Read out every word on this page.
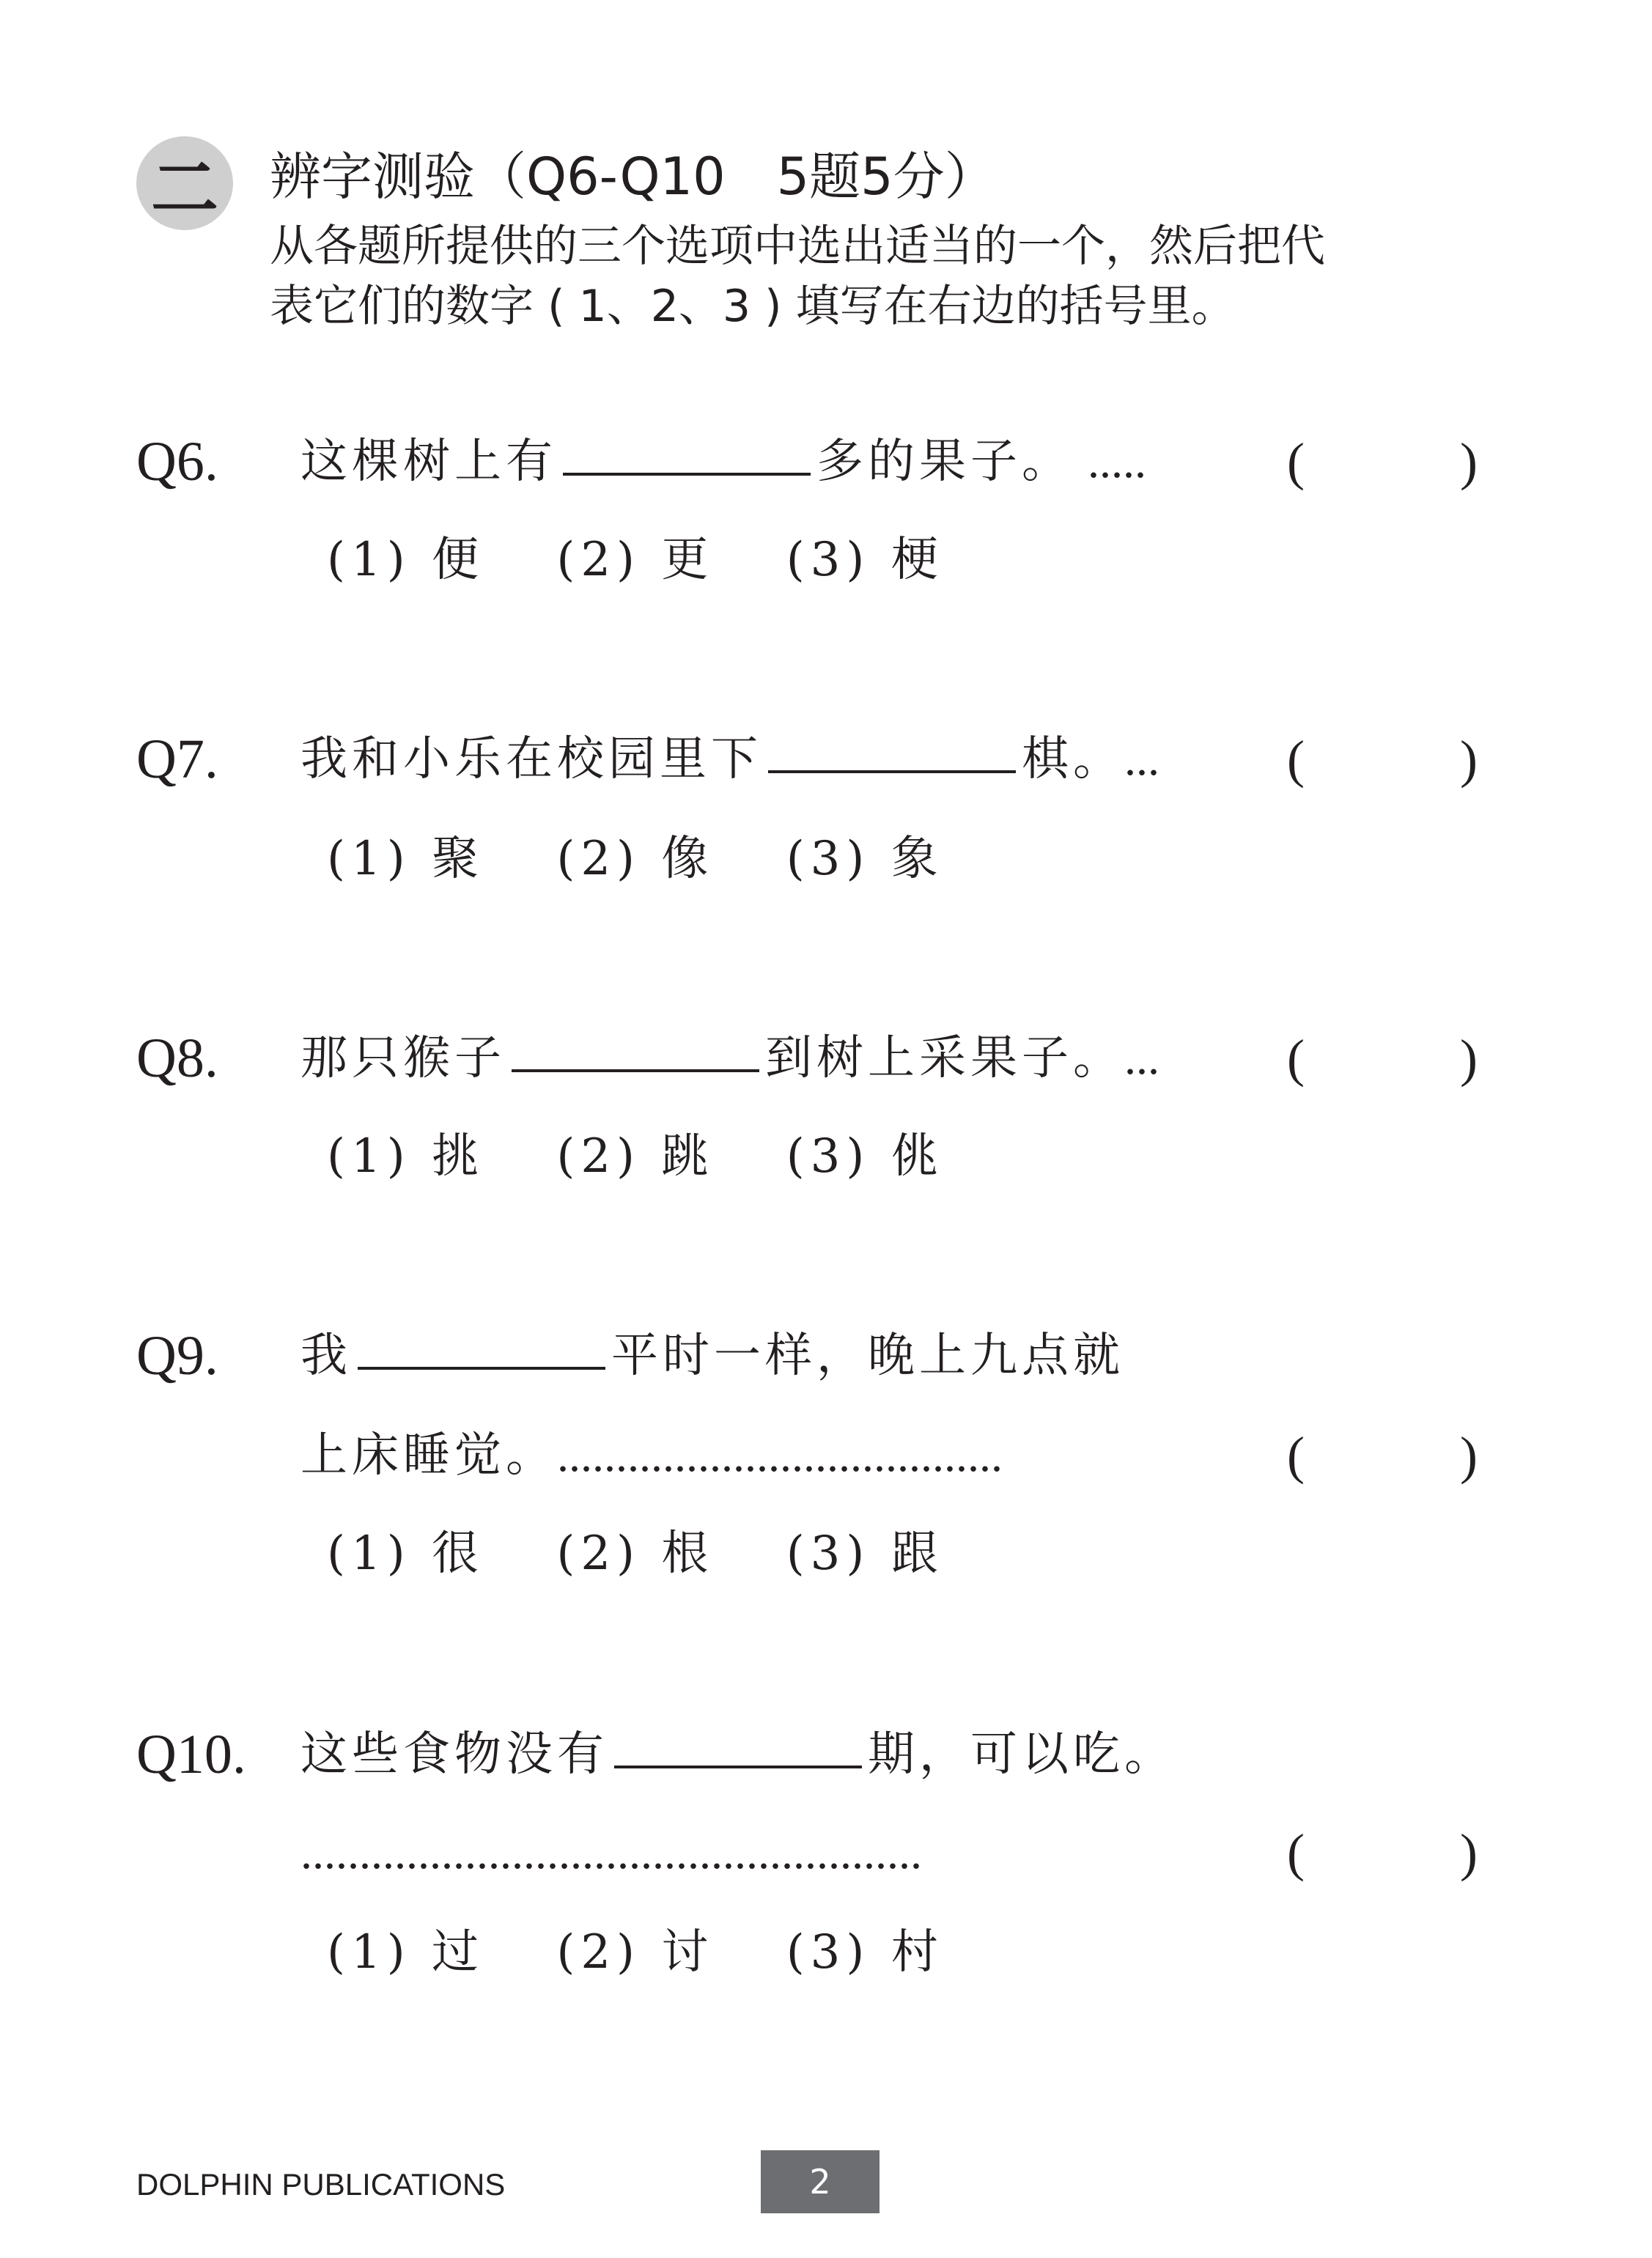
二 辨字测验（Q6-Q10　5题5分）
从各题所提供的三个选项中选出适当的一个，然后把代
表它们的数字 ( 1、2、3 ) 填写在右边的括号里。
Q6. 这棵树上有	多的果子。 .....	(	)
(1) 便 (2) 更 (3) 梗
Q7. 我和小乐在校园里下	棋。 ... (	)
(1) 聚 (2) 像 (3) 象
Q8. 那只猴子	到树上采果子。 ... (	)
(1) 挑 (2) 跳 (3) 佻
Q9. 我	平时一样，晚上九点就
上床睡觉。 ......................................	(	)
(1) 很 (2) 根 (3) 跟
Q10. 这些食物没有	期，可以吃。
.....................................................	(	)
(1) 过 (2) 讨 (3) 村
DOLPHIN PUBLICATIONS	2
